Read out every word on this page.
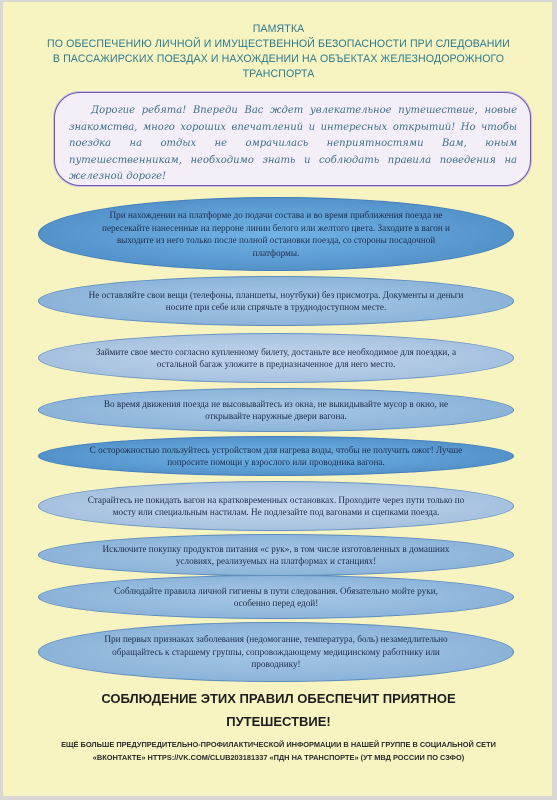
ПАМЯТКА
ПО ОБЕСПЕЧЕНИЮ ЛИЧНОЙ И ИМУЩЕСТВЕННОЙ БЕЗОПАСНОСТИ ПРИ СЛЕДОВАНИИ
В ПАССАЖИРСКИХ ПОЕЗДАХ И НАХОЖДЕНИИ НА ОБЪЕКТАХ ЖЕЛЕЗНОДОРОЖНОГО
ТРАНСПОРТА
Дорогие ребята! Впереди Вас ждет увлекательное путешествие, новые знакомства, много хороших впечатлений и интересных открытий! Но чтобы поездка на отдых не омрачилась неприятностями Вам, юным путешественникам, необходимо знать и соблюдать правила поведения на железной дороге!
При нахождении на платформе до подачи состава и во время приближения поезда не пересекайте нанесенные на перроне линии белого или желтого цвета. Заходите в вагон и выходите из него только после полной остановки поезда, со стороны посадочной платформы.
Не оставляйте свои вещи (телефоны, планшеты, ноутбуки) без присмотра. Документы и деньги носите при себе или спрячьте в труднодоступном месте.
Займите свое место согласно купленному билету, достаньте все необходимое для поездки, а остальной багаж уложите в предназначенное для него место.
Во время движения поезда не высовывайтесь из окна, не выкидывайте мусор в окно, не открывайте наружные двери вагона.
С осторожностью пользуйтесь устройством для нагрева воды, чтобы не получить ожог! Лучше попросите помощи у взрослого или проводника вагона.
Старайтесь не покидать вагон на кратковременных остановках. Проходите через пути только по мосту или специальным настилам. Не подлезайте под вагонами и сцепками поезда.
Исключите покупку продуктов питания «с рук», в том числе изготовленных в домашних условиях, реализуемых на платформах и станциях!
Соблюдайте правила личной гигиены в пути следования. Обязательно мойте руки, особенно перед едой!
При первых признаках заболевания (недомогание, температура, боль) незамедлительно обращайтесь к старшему группы, сопровождающему медицинскому работнику или проводнику!
СОБЛЮДЕНИЕ ЭТИХ ПРАВИЛ ОБЕСПЕЧИТ ПРИЯТНОЕ
ПУТЕШЕСТВИЕ!
ЕЩЁ БОЛЬШЕ ПРЕДУПРЕДИТЕЛЬНО-ПРОФИЛАКТИЧЕСКОЙ ИНФОРМАЦИИ В НАШЕЙ ГРУППЕ В СОЦИАЛЬНОЙ СЕТИ
«ВКОНТАКТЕ» HTTPS://VK.COM/CLUB203181337 «ПДН НА ТРАНСПОРТЕ» (УТ МВД РОССИИ ПО СЗФО)
